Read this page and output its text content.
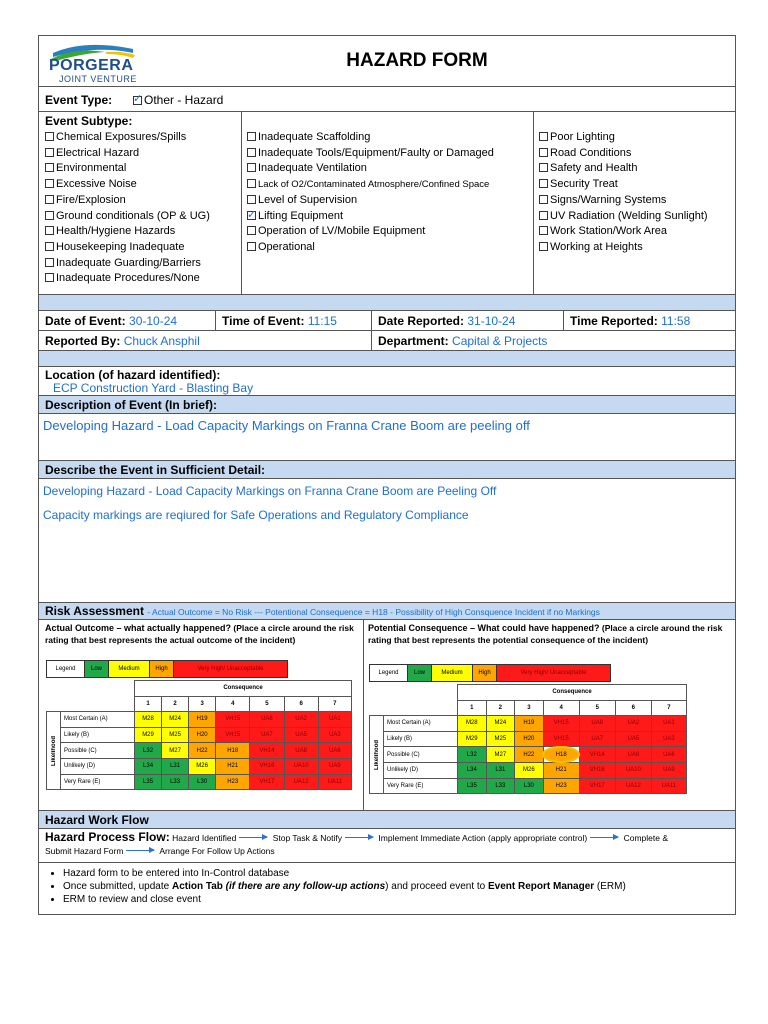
PORGERA
JOINT VENTURE
HAZARD FORM
Event Type: ✓	Other - Hazard
Event Subtype:
Chemical Exposures/Spills
Electrical Hazard
Environmental
Excessive Noise
Fire/Explosion
Ground conditionals (OP & UG)
Health/Hygiene Hazards
Housekeeping Inadequate
Inadequate Guarding/Barriers
Inadequate Procedures/None
Inadequate Scaffolding
Inadequate Tools/Equipment/Faulty or Damaged
Inadequate Ventilation
Lack of O2/Contaminated Atmosphere/Confined Space
Level of Supervision
✓Lifting Equipment
Operation of LV/Mobile Equipment
Operational
Poor Lighting
Road Conditions
Safety and Health
Security Treat
Signs/Warning Systems
UV Radiation (Welding Sunlight)
Work Station/Work Area
Working at Heights
Date of Event: 30-10-24	Time of Event: 11:15	Date Reported: 31-10-24	Time Reported: 11:58
Reported By: Chuck Ansphil	Department: Capital & Projects
Location (of hazard identified):
ECP Construction Yard - Blasting Bay
Description of Event (In brief):
Developing Hazard - Load Capacity Markings on Franna Crane Boom are peeling off
Describe the Event in Sufficient Detail:
Developing Hazard - Load Capacity Markings on Franna Crane Boom are Peeling Off
Capacity markings are reqiured for Safe Operations and Regulatory Compliance
Risk Assessment - Actual Outcome = No Risk --- Potentional Consequence = H18 - Possibility of High Consquence Incident if no Markings
Actual Outcome – what actually happened? (Place a circle around the risk rating that best represents the actual outcome of the incident)
Legend	Low	Medium	High	Very High/ Unacceptable
		Consequence						
		1	2	3	4	5	6	7
Likelihood	Most Certain (A)	M28	M24	H19	VH15	UA8	UA2	UA1
	Likely (B)	M29	M25	H20	VH15	UA7	UA5	UA3
	Possible (C)	L32	M27	H22	H18	VH14	UA8	UA6
	Unlikely (D)	L34	L31	M26	H21	VH16	UA10	UA9
	Very Rare (E)	L35	L33	L30	H23	VH17	UA12	UA11
Potential Consequence – What could have happened? (Place a circle around the risk rating that best represents the potential consequence of the incident)
Legend	Low	Medium	High	Very High/ Unacceptable
		Consequence						
		1	2	3	4	5	6	7
Likelihood	Most Certain (A)	M28	M24	H19	VH15	UA8	UA2	UA1
	Likely (B)	M29	M25	H20	VH15	UA7	UA5	UA3
	Possible (C)	L32	M27	H22	H18	VH14	UA8	UA6
	Unlikely (D)	L34	L31	M26	H21	VH16	UA10	UA9
	Very Rare (E)	L35	L33	L30	H23	VH17	UA12	UA11
Hazard Work Flow
Hazard Process Flow: Hazard Identified	Stop Task & Notify	Implement Immediate Action (apply appropriate control)	Complete &
Submit Hazard Form	Arrange For Follow Up Actions
• Hazard form to be entered into In-Control database
• Once submitted, update Action Tab (if there are any follow-up actions) and proceed event to Event Report Manager (ERM)
• ERM to review and close event
